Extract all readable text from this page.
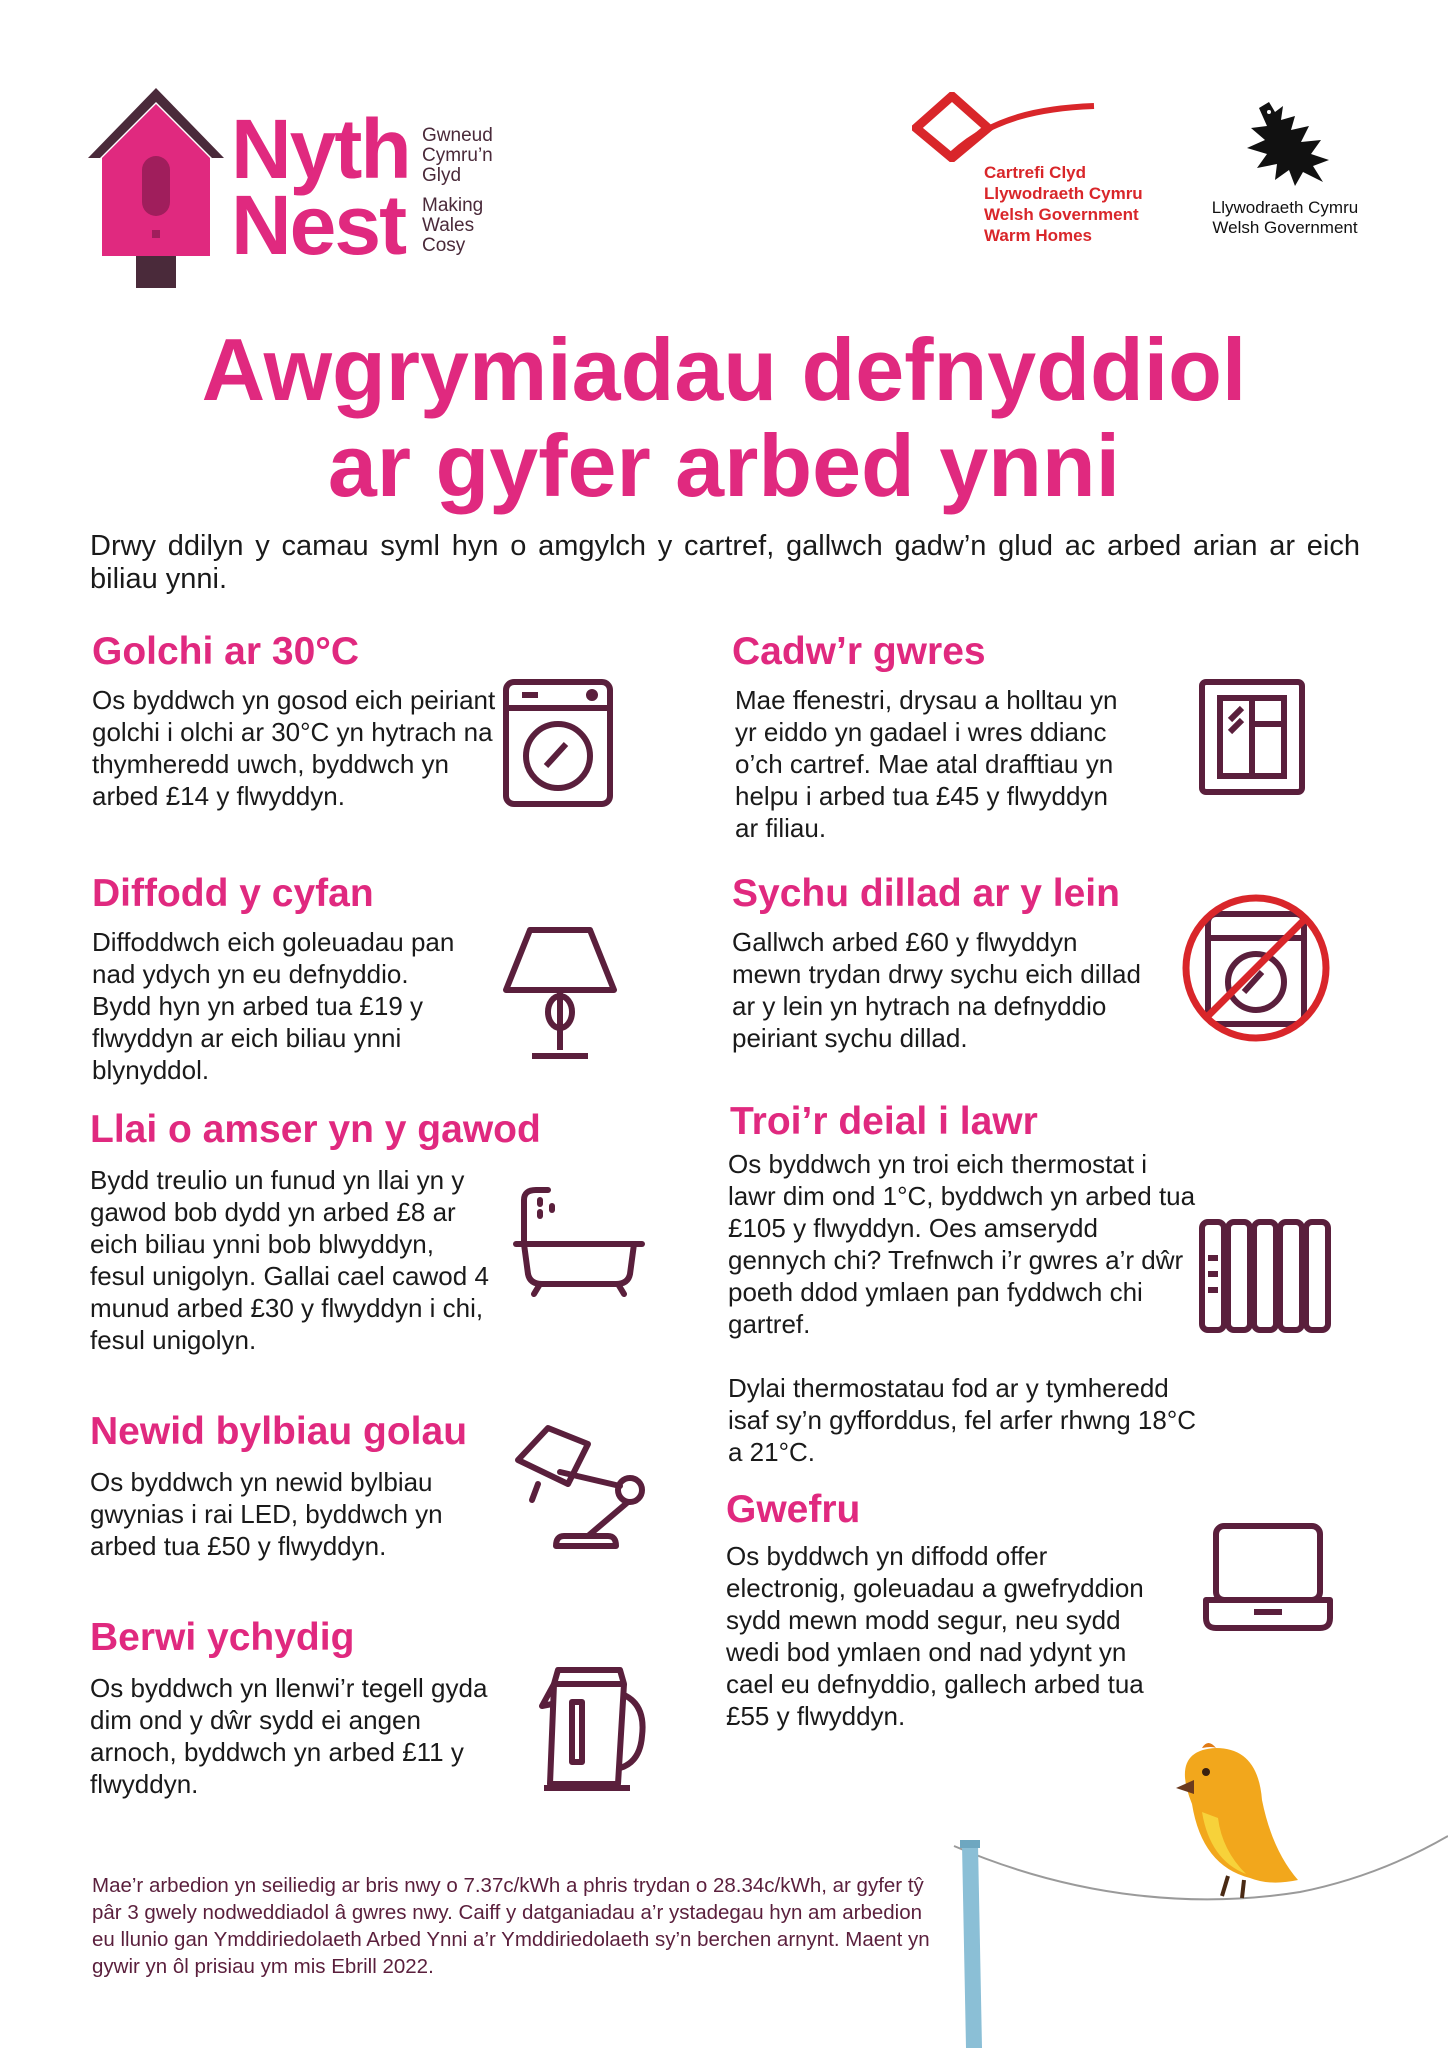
Nyth
Nest
Gwneud
Cymru’n
Glyd
Making
Wales
Cosy
Cartrefi Clyd
Llywodraeth Cymru
Welsh Government
Warm Homes
Llywodraeth Cymru
Welsh Government
Awgrymiadau defnyddiol
ar gyfer arbed ynni
Drwy ddilyn y camau syml hyn o amgylch y cartref, gallwch gadw’n glud ac arbed arian ar eich biliau ynni.
Golchi ar 30°C
Os byddwch yn gosod eich peiriant golchi i olchi ar 30°C yn hytrach na thymheredd uwch, byddwch yn arbed £14 y flwyddyn.
Diffodd y cyfan
Diffoddwch eich goleuadau pan nad ydych yn eu defnyddio. Bydd hyn yn arbed tua £19 y flwyddyn ar eich biliau ynni blynyddol.
Llai o amser yn y gawod
Bydd treulio un funud yn llai yn y gawod bob dydd yn arbed £8 ar eich biliau ynni bob blwyddyn, fesul unigolyn. Gallai cael cawod 4 munud arbed £30 y flwyddyn i chi, fesul unigolyn.
Newid bylbiau golau
Os byddwch yn newid bylbiau gwynias i rai LED, byddwch yn arbed tua £50 y flwyddyn.
Berwi ychydig
Os byddwch yn llenwi’r tegell gyda dim ond y dŵr sydd ei angen arnoch, byddwch yn arbed £11 y flwyddyn.
Cadw’r gwres
Mae ffenestri, drysau a holltau yn yr eiddo yn gadael i wres ddianc o’ch cartref. Mae atal drafftiau yn helpu i arbed tua £45 y flwyddyn ar filiau.
Sychu dillad ar y lein
Gallwch arbed £60 y flwyddyn mewn trydan drwy sychu eich dillad ar y lein yn hytrach na defnyddio peiriant sychu dillad.
Troi’r deial i lawr
Os byddwch yn troi eich thermostat i lawr dim ond 1°C, byddwch yn arbed tua £105 y flwyddyn. Oes amserydd gennych chi? Trefnwch i’r gwres a’r dŵr poeth ddod ymlaen pan fyddwch chi gartref.
Dylai thermostatau fod ar y tymheredd isaf sy’n gyfforddus, fel arfer rhwng 18°C a 21°C.
Gwefru
Os byddwch yn diffodd offer electronig, goleuadau a gwefryddion sydd mewn modd segur, neu sydd wedi bod ymlaen ond nad ydynt yn cael eu defnyddio, gallech arbed tua £55 y flwyddyn.
Mae’r arbedion yn seiliedig ar bris nwy o 7.37c/kWh a phris trydan o 28.34c/kWh, ar gyfer tŷ pâr 3 gwely nodweddiadol â gwres nwy. Caiff y datganiadau a’r ystadegau hyn am arbedion eu llunio gan Ymddiriedolaeth Arbed Ynni a’r Ymddiriedolaeth sy’n berchen arnynt. Maent yn gywir yn ôl prisiau ym mis Ebrill 2022.
